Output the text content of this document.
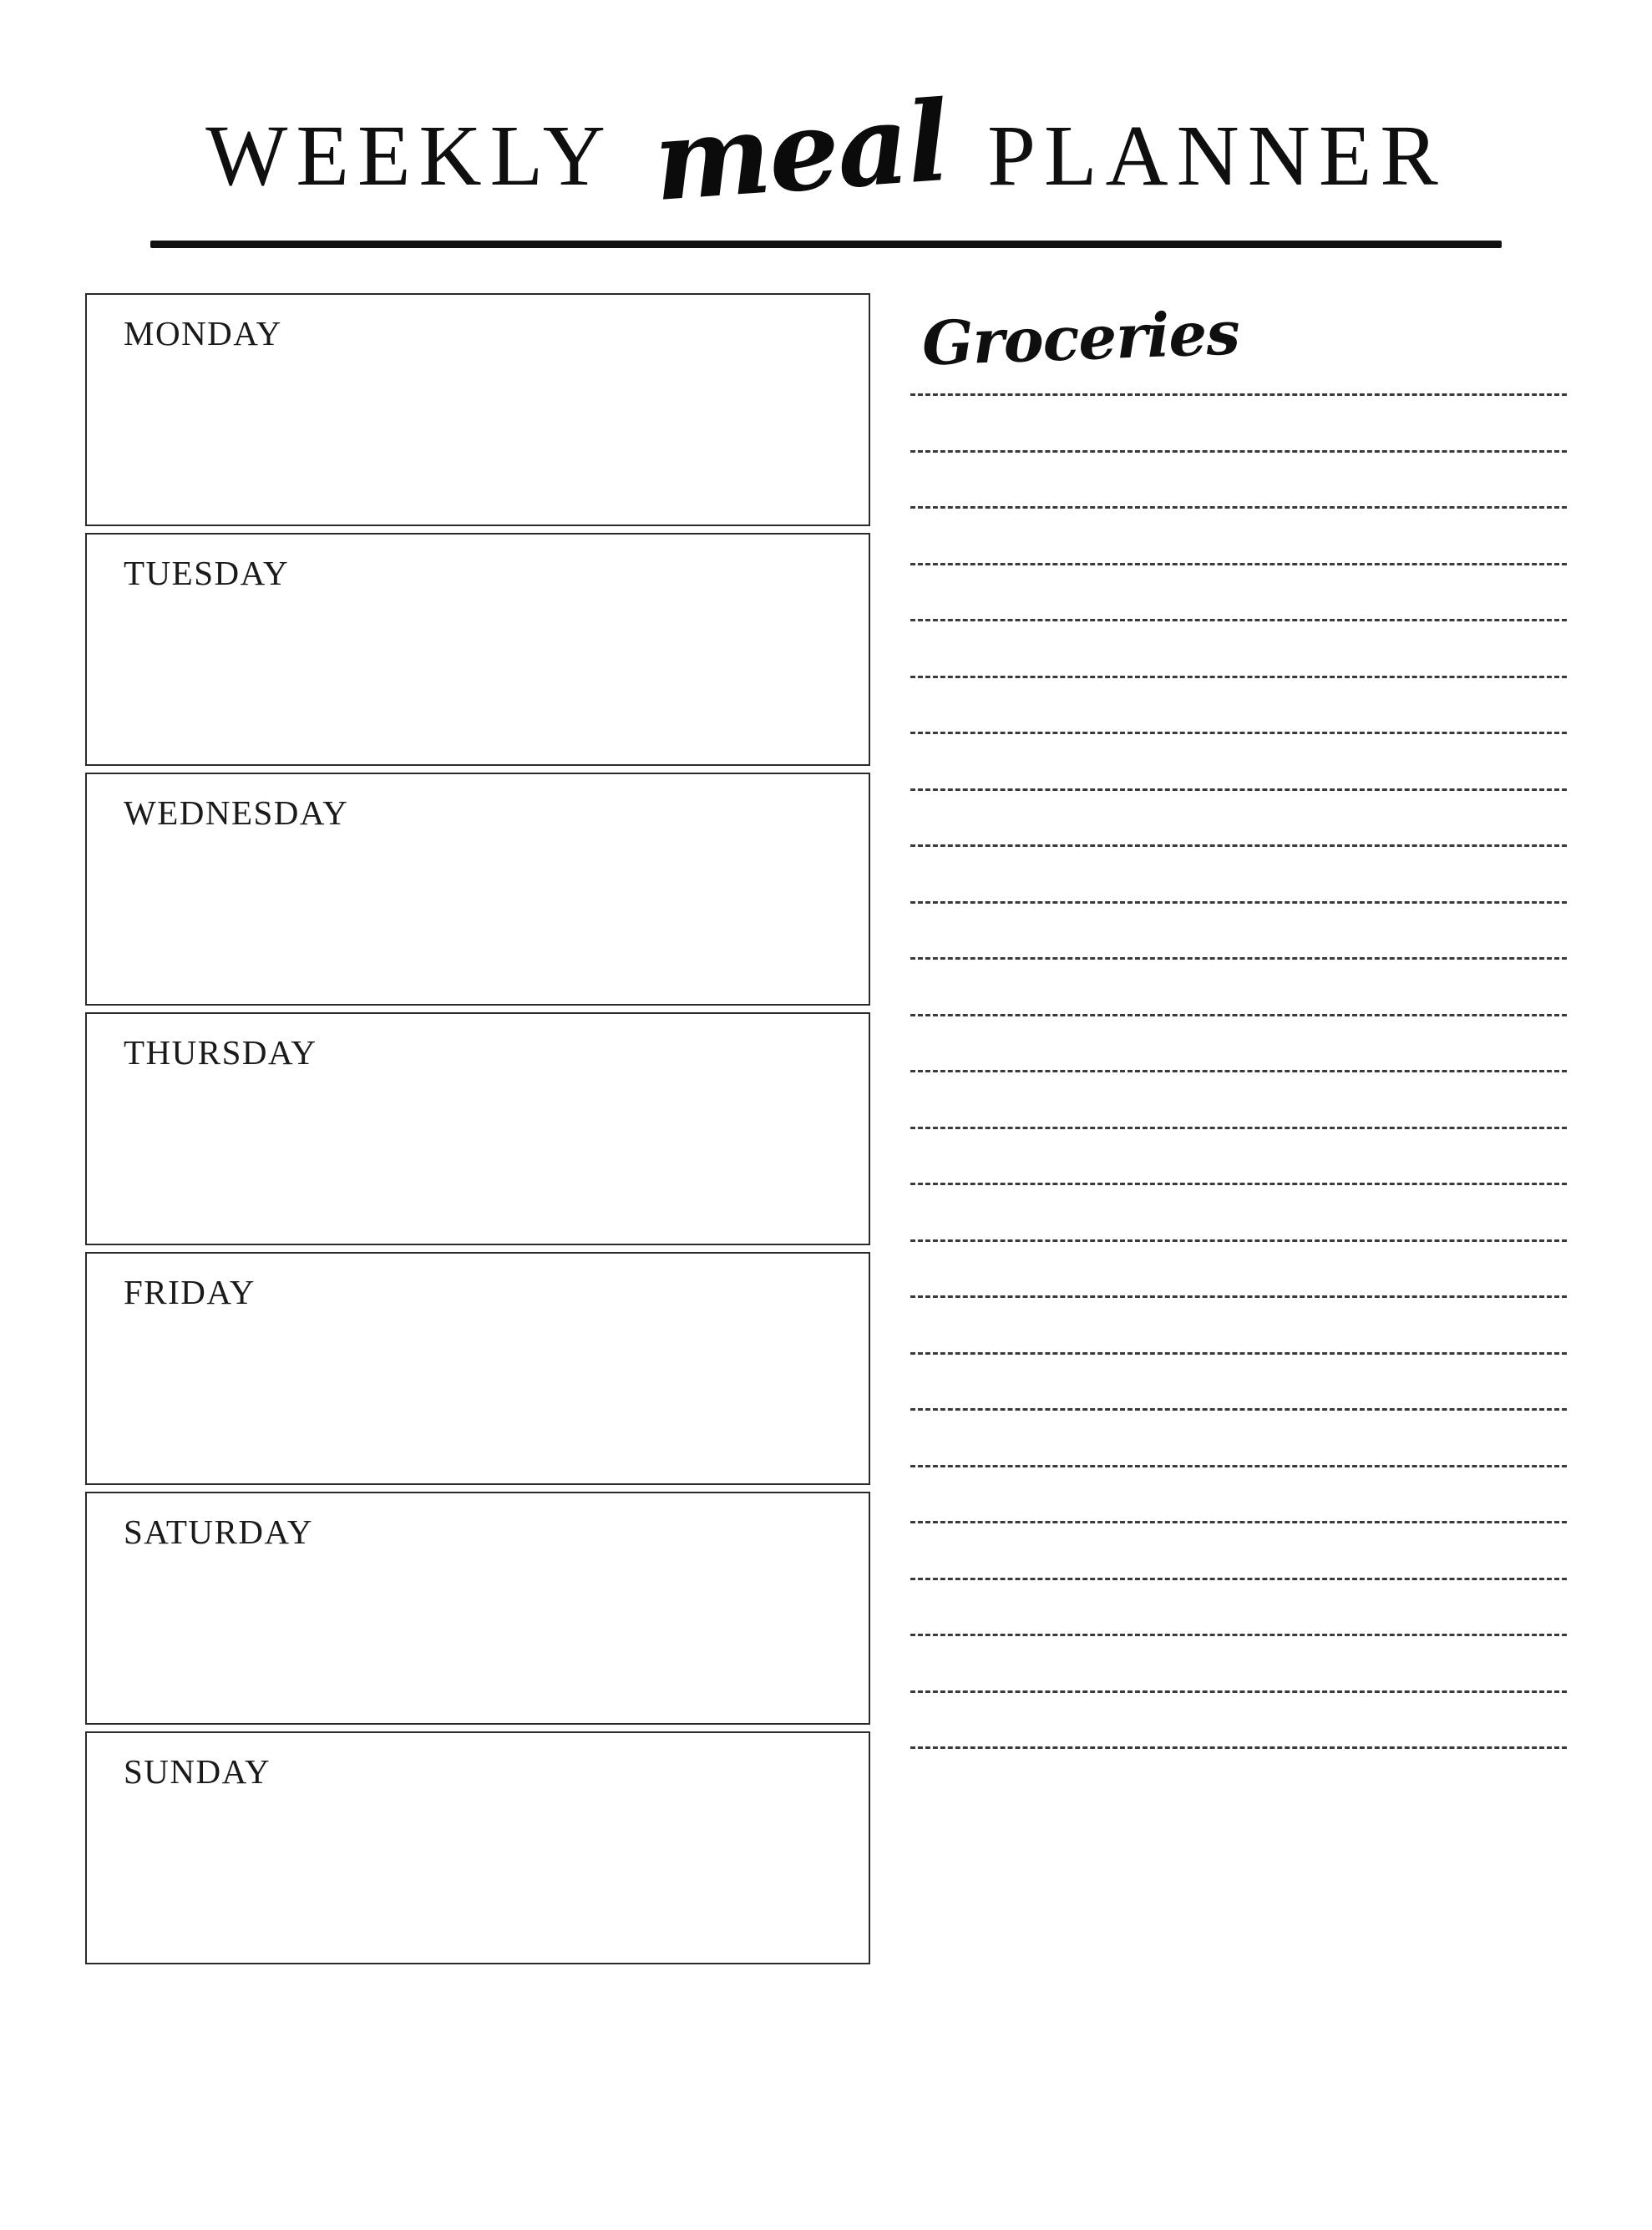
WEEKLY meal PLANNER
MONDAY
TUESDAY
WEDNESDAY
THURSDAY
FRIDAY
SATURDAY
SUNDAY
Groceries
